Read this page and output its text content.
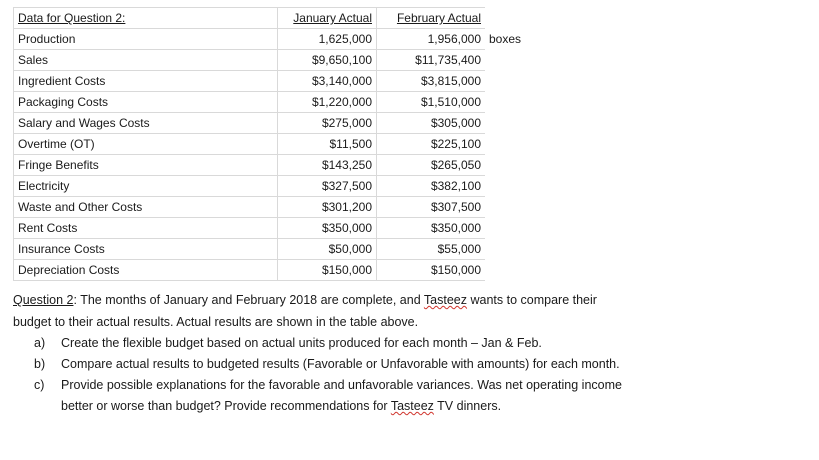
Data for Question 2:	January Actual	February Actual	
Production	1,625,000	1,956,000	boxes
Sales	$9,650,100	$11,735,400	
Ingredient Costs	$3,140,000	$3,815,000	
Packaging Costs	$1,220,000	$1,510,000	
Salary and Wages Costs	$275,000	$305,000	
Overtime (OT)	$11,500	$225,100	
Fringe Benefits	$143,250	$265,050	
Electricity	$327,500	$382,100	
Waste and Other Costs	$301,200	$307,500	
Rent Costs	$350,000	$350,000	
Insurance Costs	$50,000	$55,000	
Depreciation Costs	$150,000	$150,000	

Question 2: The months of January and February 2018 are complete, and Tasteez wants to compare their

budget to their actual results. Actual results are shown in the table above.

a) Create the flexible budget based on actual units produced for each month – Jan & Feb.
b) Compare actual results to budgeted results (Favorable or Unfavorable with amounts) for each month.
c) Provide possible explanations for the favorable and unfavorable variances. Was net operating income
better or worse than budget? Provide recommendations for Tasteez TV dinners.
